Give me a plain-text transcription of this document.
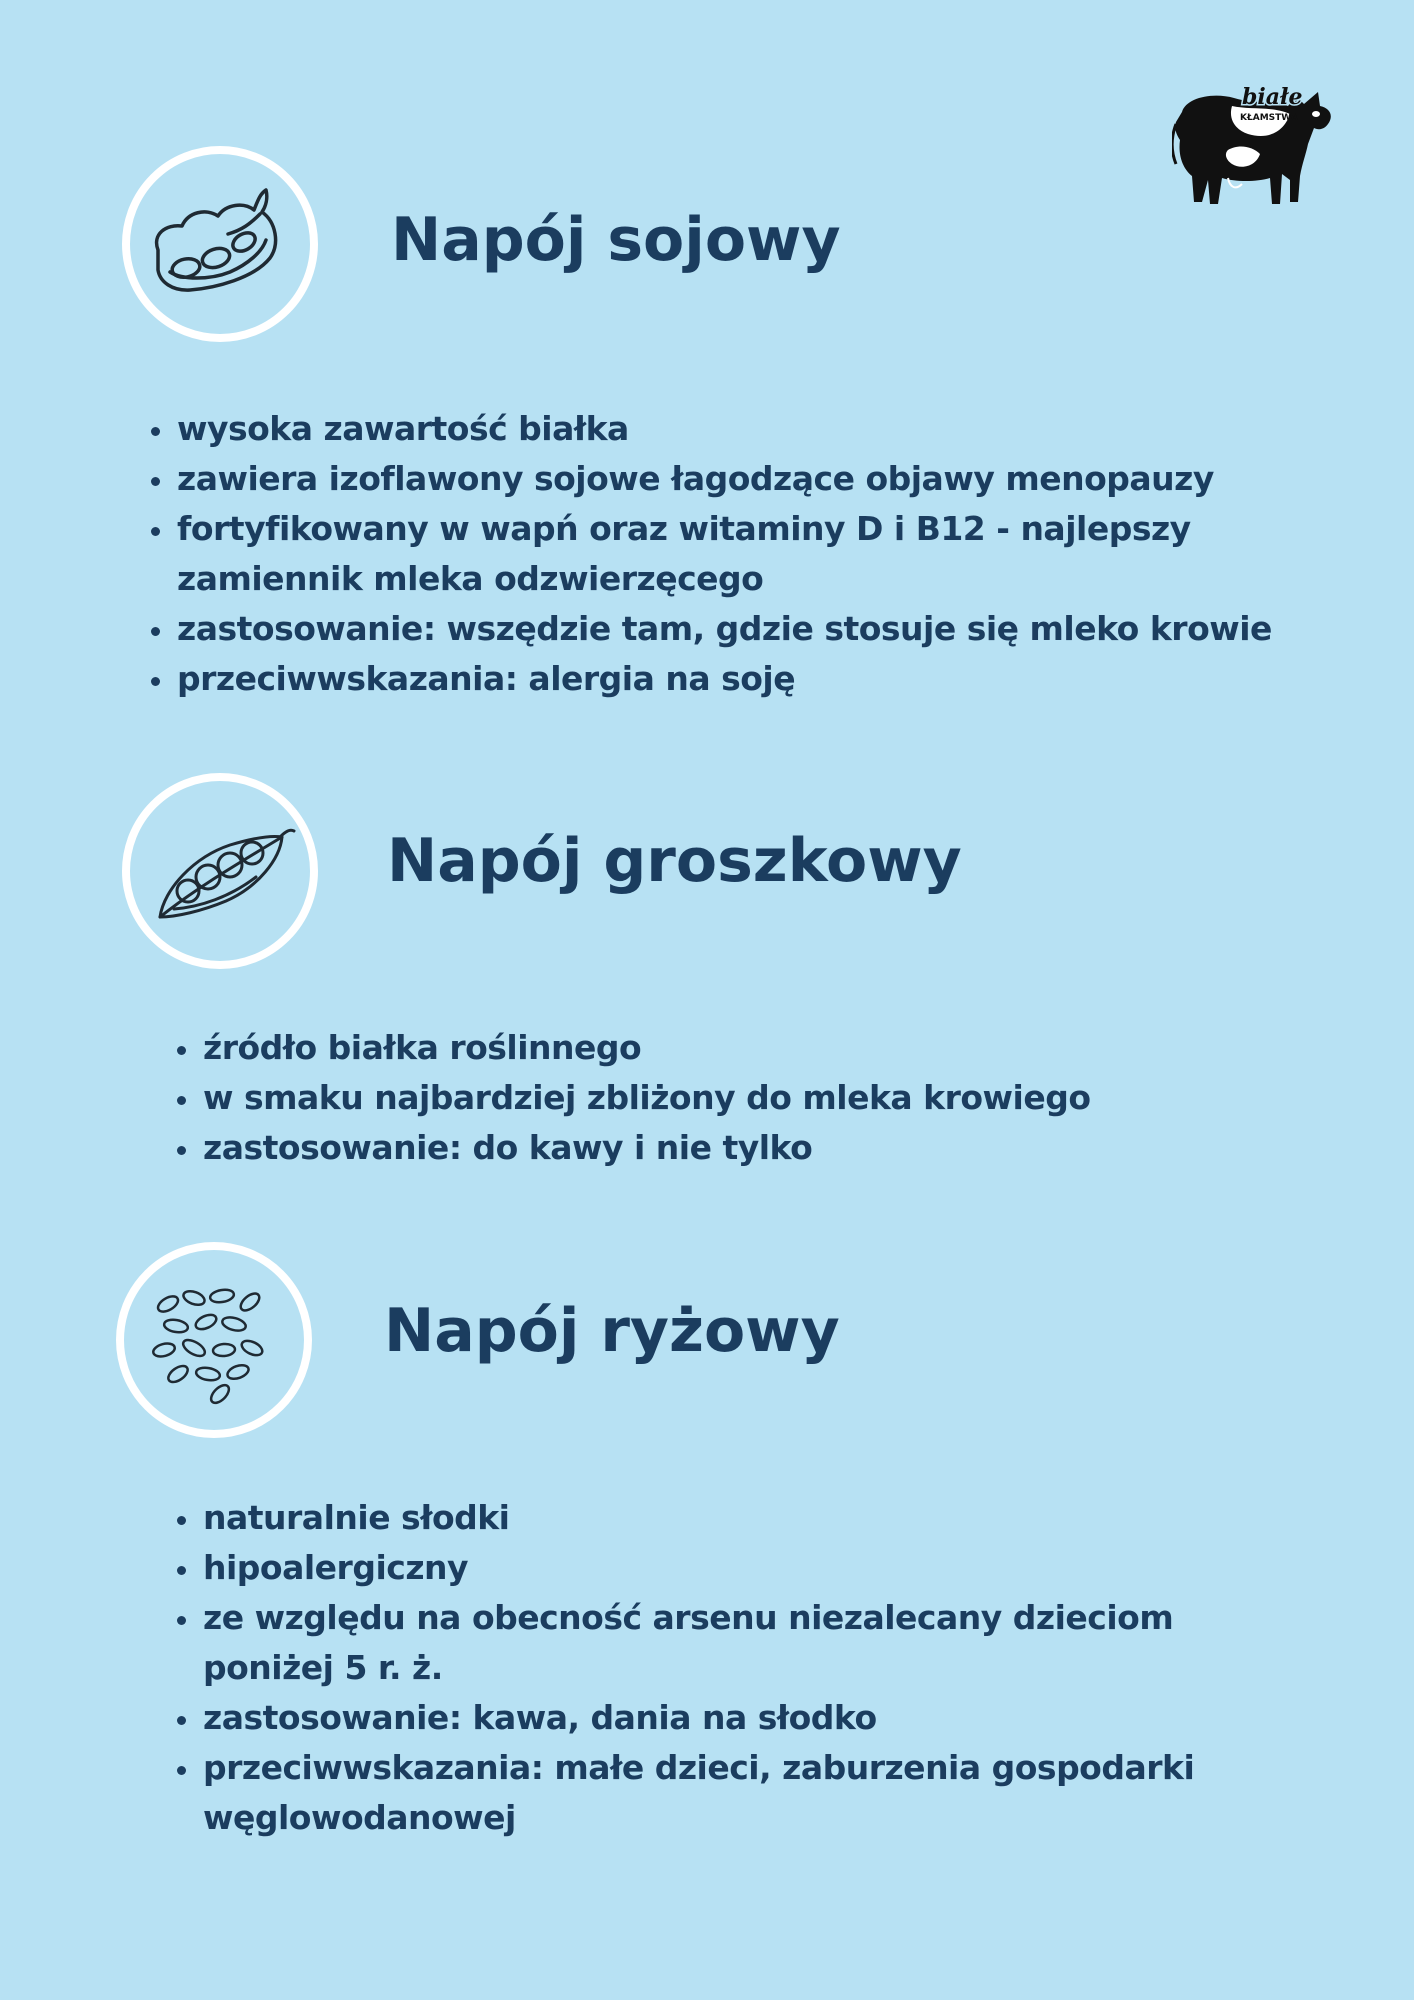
białe
KŁAMSTWA
Napój sojowy
• wysoka zawartość białka
• zawiera izoflawony sojowe łagodzące objawy menopauzy
• fortyfikowany w wapń oraz witaminy D i B12 - najlepszy zamiennik mleka odzwierzęcego
• zastosowanie: wszędzie tam, gdzie stosuje się mleko krowie
• przeciwwskazania: alergia na soję
Napój groszkowy
• źródło białka roślinnego
• w smaku najbardziej zbliżony do mleka krowiego
• zastosowanie: do kawy i nie tylko
Napój ryżowy
• naturalnie słodki
• hipoalergiczny
• ze względu na obecność arsenu niezalecany dzieciom poniżej 5 r. ż.
• zastosowanie: kawa, dania na słodko
• przeciwwskazania: małe dzieci, zaburzenia gospodarki węglowodanowej
